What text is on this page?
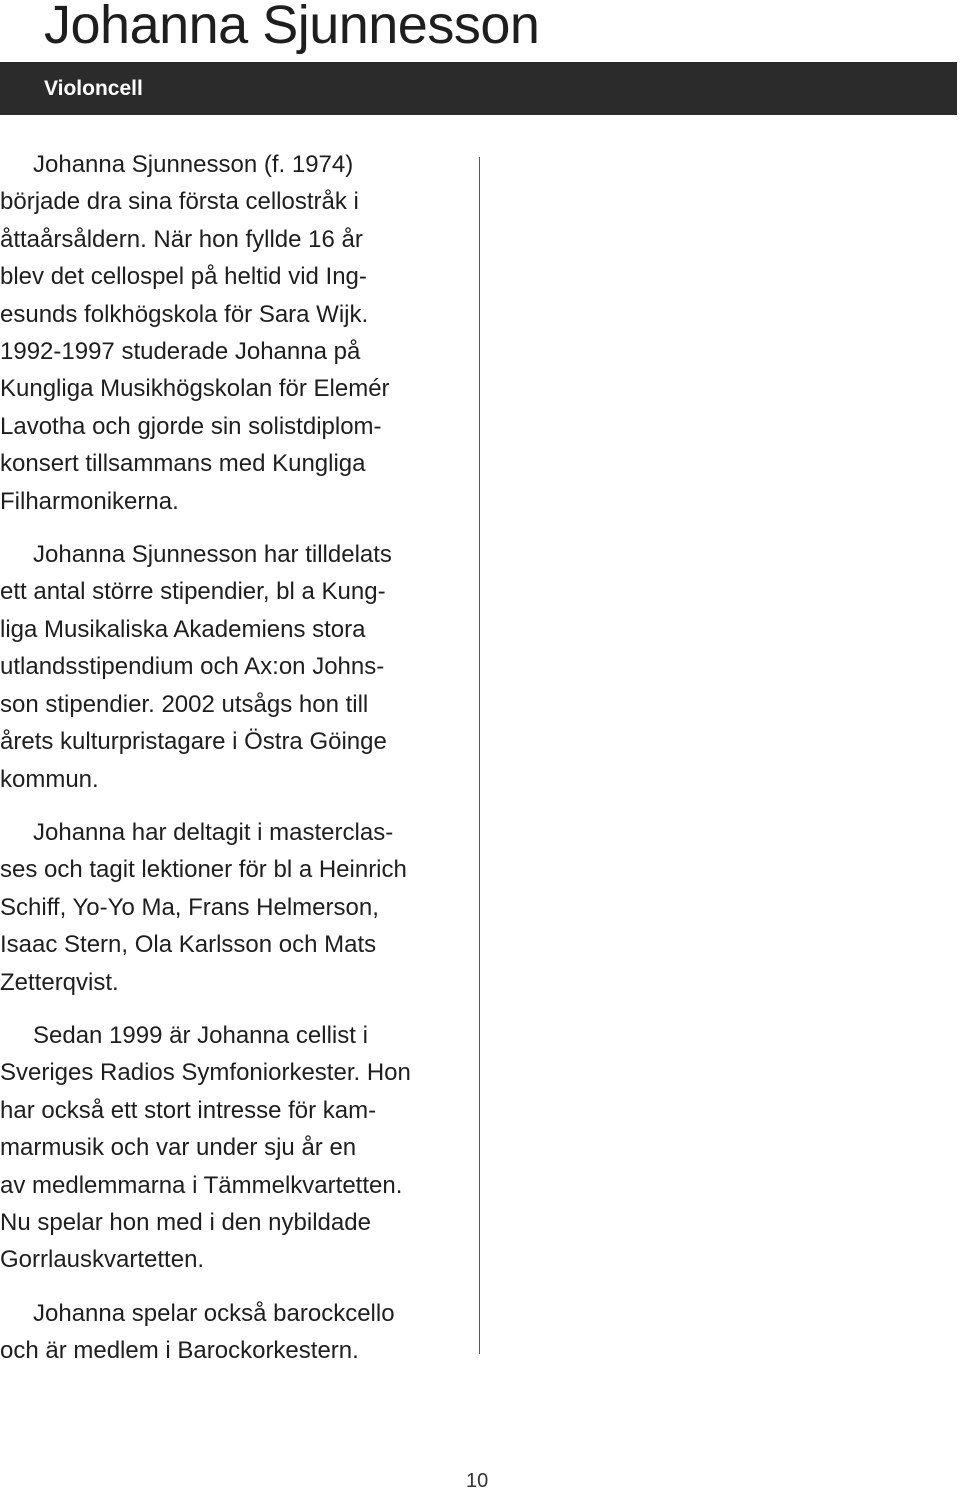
Johanna Sjunnesson
Violoncell

Johanna Sjunnesson (f. 1974)
började dra sina första cellostråk i
åttaårsåldern. När hon fyllde 16 år
blev det cellospel på heltid vid Ing-
esunds folkhögskola för Sara Wijk.
1992-1997 studerade Johanna på
Kungliga Musikhögskolan för Elemér
Lavotha och gjorde sin solistdiplom-
konsert tillsammans med Kungliga
Filharmonikerna.

Johanna Sjunnesson har tilldelats
ett antal större stipendier, bl a Kung-
liga Musikaliska Akademiens stora
utlandsstipendium och Ax:on Johns-
son stipendier. 2002 utsågs hon till
årets kulturpristagare i Östra Göinge
kommun.

Johanna har deltagit i masterclas-
ses och tagit lektioner för bl a Heinrich
Schiff, Yo-Yo Ma, Frans Helmerson,
Isaac Stern, Ola Karlsson och Mats
Zetterqvist.

Sedan 1999 är Johanna cellist i
Sveriges Radios Symfoniorkester. Hon
har också ett stort intresse för kam-
marmusik och var under sju år en
av medlemmarna i Tämmelkvartetten.
Nu spelar hon med i den nybildade
Gorrlauskvartetten.

Johanna spelar också barockcello
och är medlem i Barockorkestern.

10
